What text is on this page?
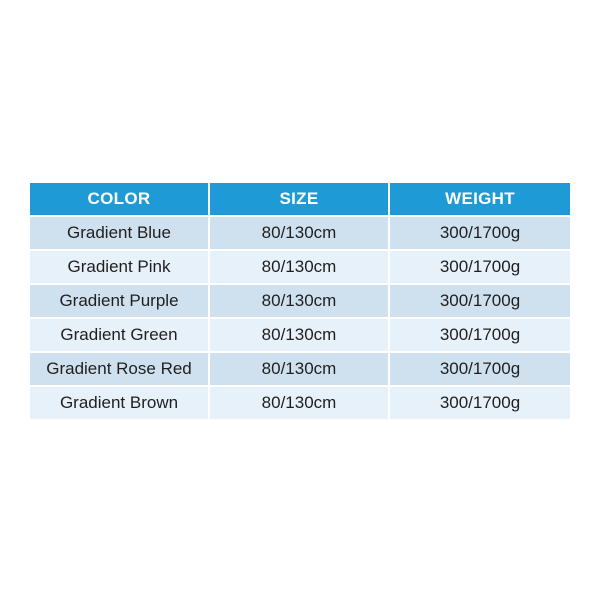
COLOR	SIZE	WEIGHT
Gradient Blue	80/130cm	300/1700g
Gradient Pink	80/130cm	300/1700g
Gradient Purple	80/130cm	300/1700g
Gradient Green	80/130cm	300/1700g
Gradient Rose Red	80/130cm	300/1700g
Gradient Brown	80/130cm	300/1700g
